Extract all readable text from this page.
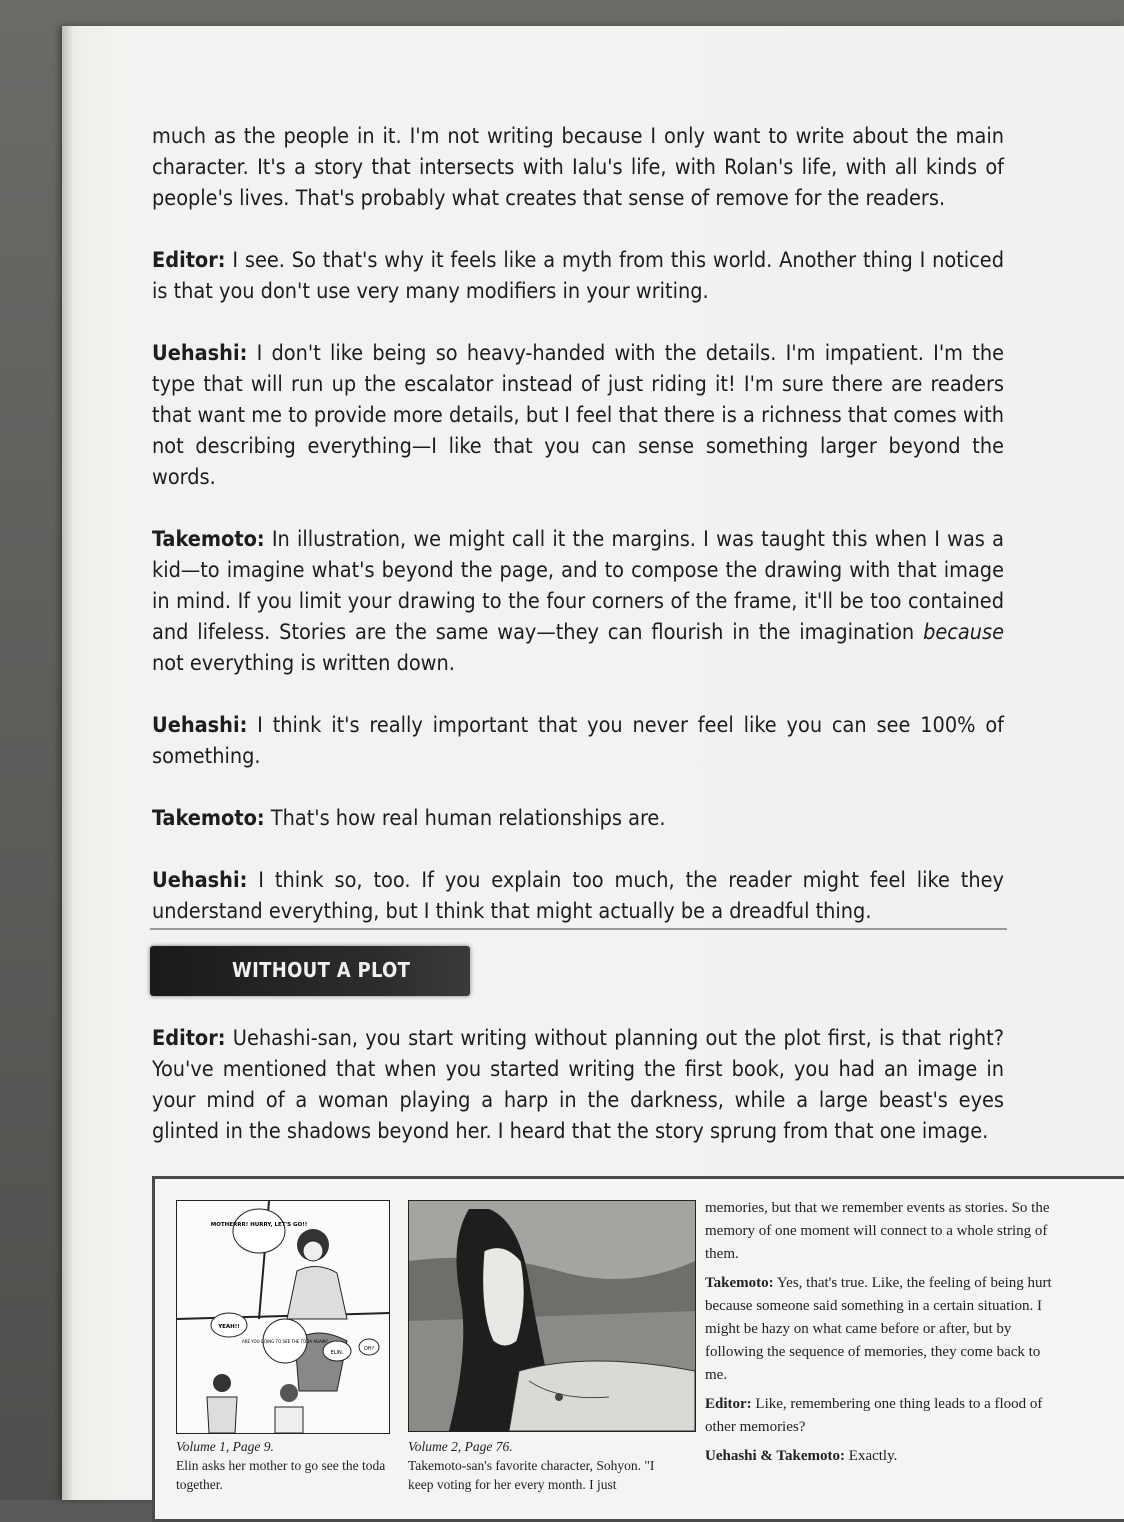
much as the people in it. I'm not writing because I only want to write about the main character. It's a story that intersects with Ialu's life, with Rolan's life, with all kinds of people's lives. That's probably what creates that sense of remove for the readers.

Editor: I see. So that's why it feels like a myth from this world. Another thing I noticed is that you don't use very many modifiers in your writing.

Uehashi: I don't like being so heavy-handed with the details. I'm impatient. I'm the type that will run up the escalator instead of just riding it! I'm sure there are readers that want me to provide more details, but I feel that there is a richness that comes with not describing everything—I like that you can sense something larger beyond the words.

Takemoto: In illustration, we might call it the margins. I was taught this when I was a kid—to imagine what's beyond the page, and to compose the drawing with that image in mind. If you limit your drawing to the four corners of the frame, it'll be too contained and lifeless. Stories are the same way—they can flourish in the imagination because not everything is written down.

Uehashi: I think it's really important that you never feel like you can see 100% of something.

Takemoto: That's how real human relationships are.

Uehashi: I think so, too. If you explain too much, the reader might feel like they understand everything, but I think that might actually be a dreadful thing.

WITHOUT A PLOT

Editor: Uehashi-san, you start writing without planning out the plot first, is that right? You've mentioned that when you started writing the first book, you had an image in your mind of a woman playing a harp in the darkness, while a large beast's eyes glinted in the shadows beyond her. I heard that the story sprung from that one image.

MOTHERRR! HURRY, LET'S GO!!
YEAH!!
ARE YOU GOING TO SEE THE TODA AGAIN?
ELIN.
OH?
Volume 1, Page 9.
Elin asks her mother to go see the toda together.
Volume 2, Page 76.
Takemoto-san's favorite character, Sohyon. "I keep voting for her every month. I just

memories, but that we remember events as stories. So the memory of one moment will connect to a whole string of them.

Takemoto: Yes, that's true. Like, the feeling of being hurt because someone said something in a certain situation. I might be hazy on what came before or after, but by following the sequence of memories, they come back to me.

Editor: Like, remembering one thing leads to a flood of other memories?

Uehashi & Takemoto: Exactly.
